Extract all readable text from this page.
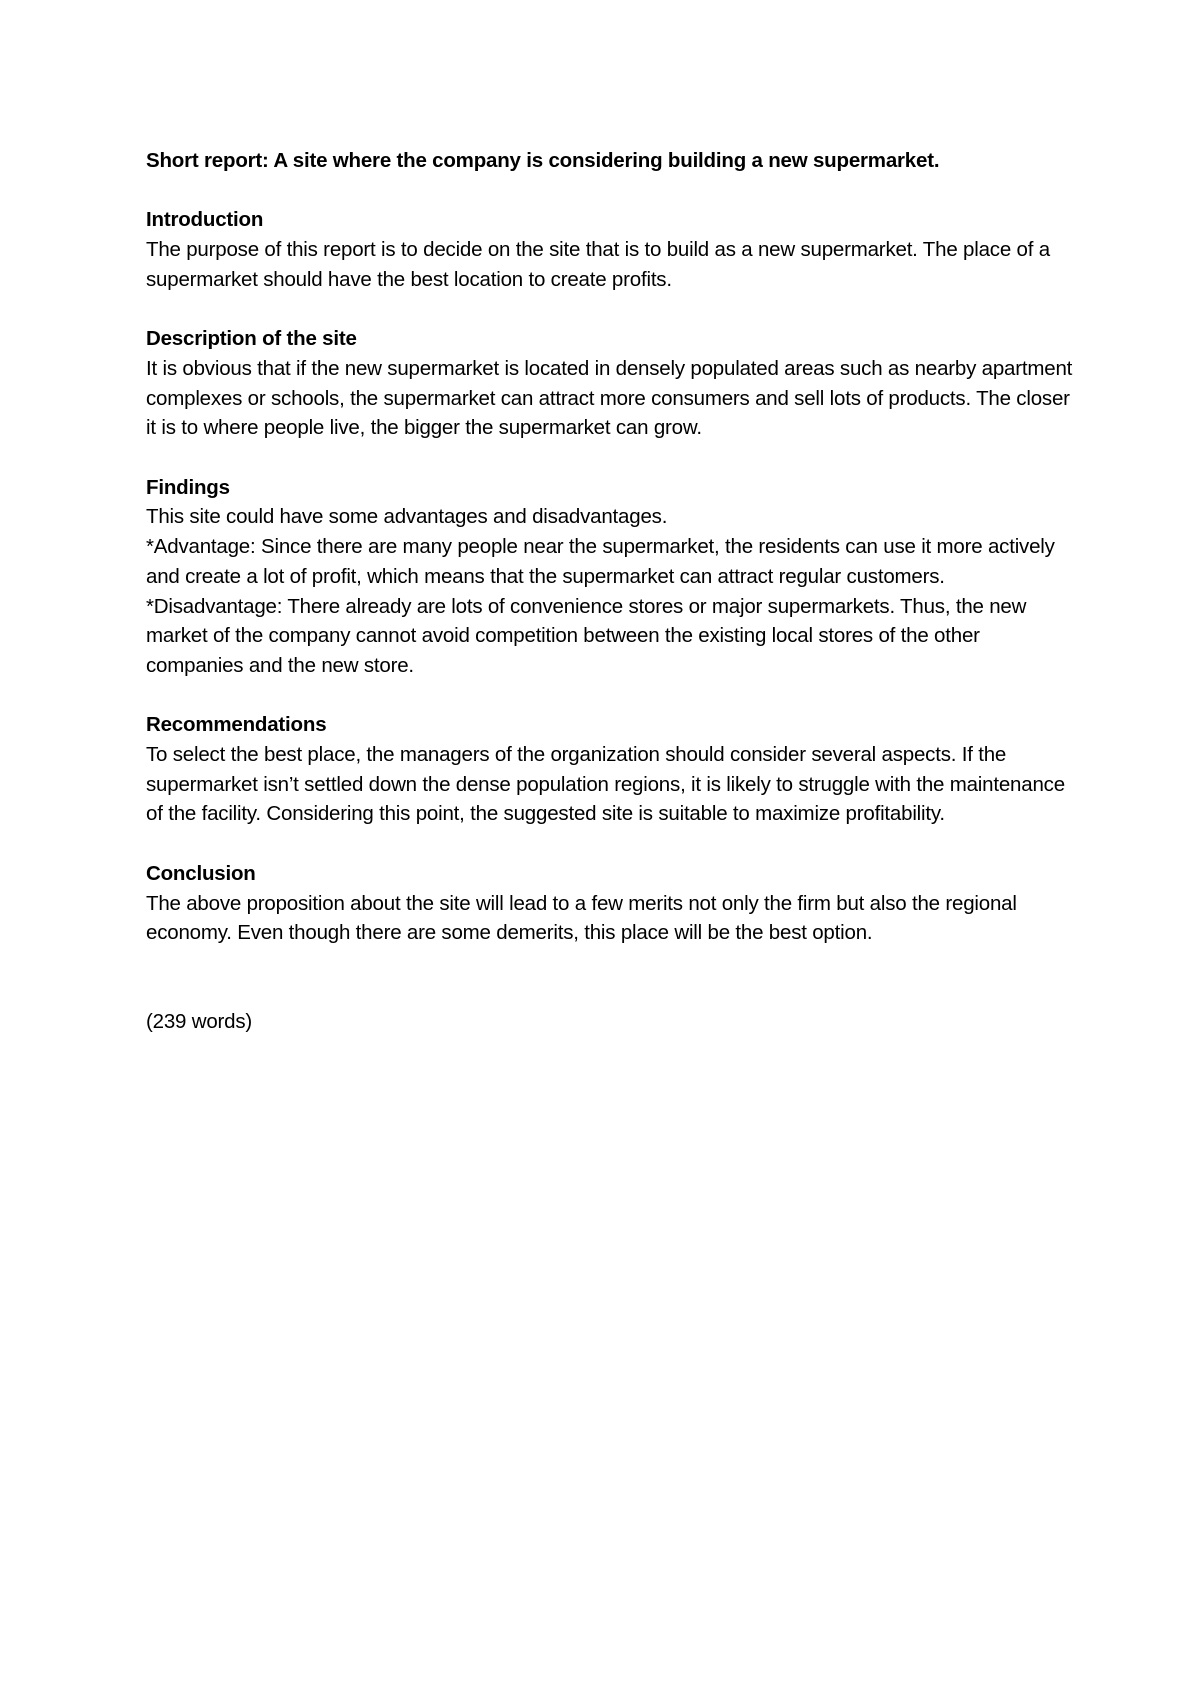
Short report: A site where the company is considering building a new supermarket.

Introduction

The purpose of this report is to decide on the site that is to build as a new supermarket. The place of a supermarket should have the best location to create profits.

Description of the site

It is obvious that if the new supermarket is located in densely populated areas such as nearby apartment complexes or schools, the supermarket can attract more consumers and sell lots of products. The closer it is to where people live, the bigger the supermarket can grow.

Findings

This site could have some advantages and disadvantages.

*Advantage: Since there are many people near the supermarket, the residents can use it more actively and create a lot of profit, which means that the supermarket can attract regular customers.

*Disadvantage: There already are lots of convenience stores or major supermarkets. Thus, the new market of the company cannot avoid competition between the existing local stores of the other companies and the new store.

Recommendations

To select the best place, the managers of the organization should consider several aspects. If the supermarket isn’t settled down the dense population regions, it is likely to struggle with the maintenance of the facility. Considering this point, the suggested site is suitable to maximize profitability.

Conclusion

The above proposition about the site will lead to a few merits not only the firm but also the regional economy. Even though there are some demerits, this place will be the best option.

(239 words)
